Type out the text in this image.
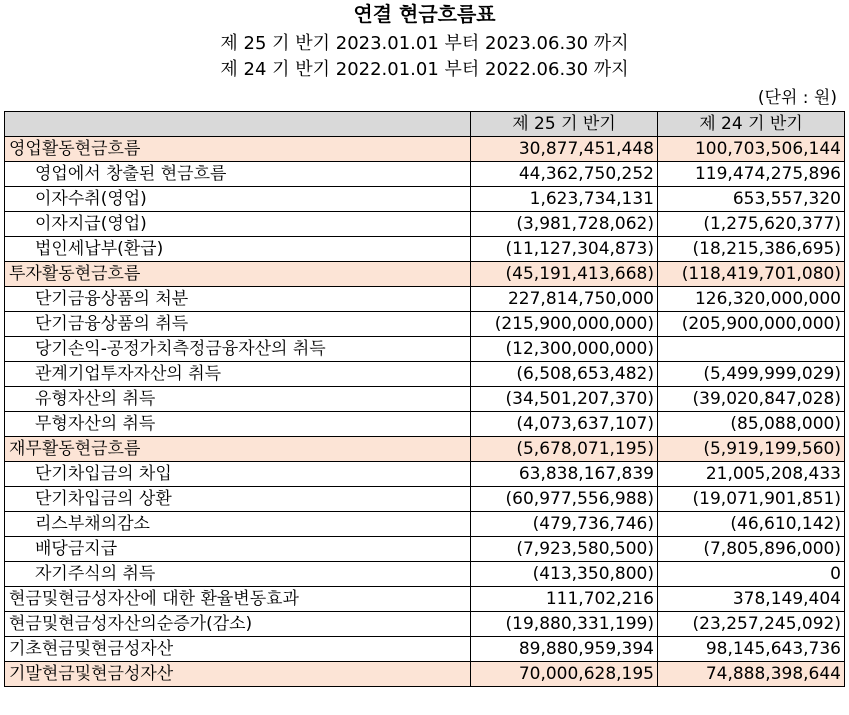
연결 현금흐름표
제 25 기 반기 2023.01.01 부터 2023.06.30 까지
제 24 기 반기 2022.01.01 부터 2022.06.30 까지
(단위 : 원)
	제 25 기 반기	제 24 기 반기
영업활동현금흐름	30,877,451,448	100,703,506,144
영업에서 창출된 현금흐름	44,362,750,252	119,474,275,896
이자수취(영업)	1,623,734,131	653,557,320
이자지급(영업)	(3,981,728,062)	(1,275,620,377)
법인세납부(환급)	(11,127,304,873)	(18,215,386,695)
투자활동현금흐름	(45,191,413,668)	(118,419,701,080)
단기금융상품의 처분	227,814,750,000	126,320,000,000
단기금융상품의 취득	(215,900,000,000)	(205,900,000,000)
당기손익-공정가치측정금융자산의 취득	(12,300,000,000)	
관계기업투자자산의 취득	(6,508,653,482)	(5,499,999,029)
유형자산의 취득	(34,501,207,370)	(39,020,847,028)
무형자산의 취득	(4,073,637,107)	(85,088,000)
재무활동현금흐름	(5,678,071,195)	(5,919,199,560)
단기차입금의 차입	63,838,167,839	21,005,208,433
단기차입금의 상환	(60,977,556,988)	(19,071,901,851)
리스부채의감소	(479,736,746)	(46,610,142)
배당금지급	(7,923,580,500)	(7,805,896,000)
자기주식의 취득	(413,350,800)	0
현금및현금성자산에 대한 환율변동효과	111,702,216	378,149,404
현금및현금성자산의순증가(감소)	(19,880,331,199)	(23,257,245,092)
기초현금및현금성자산	89,880,959,394	98,145,643,736
기말현금및현금성자산	70,000,628,195	74,888,398,644
